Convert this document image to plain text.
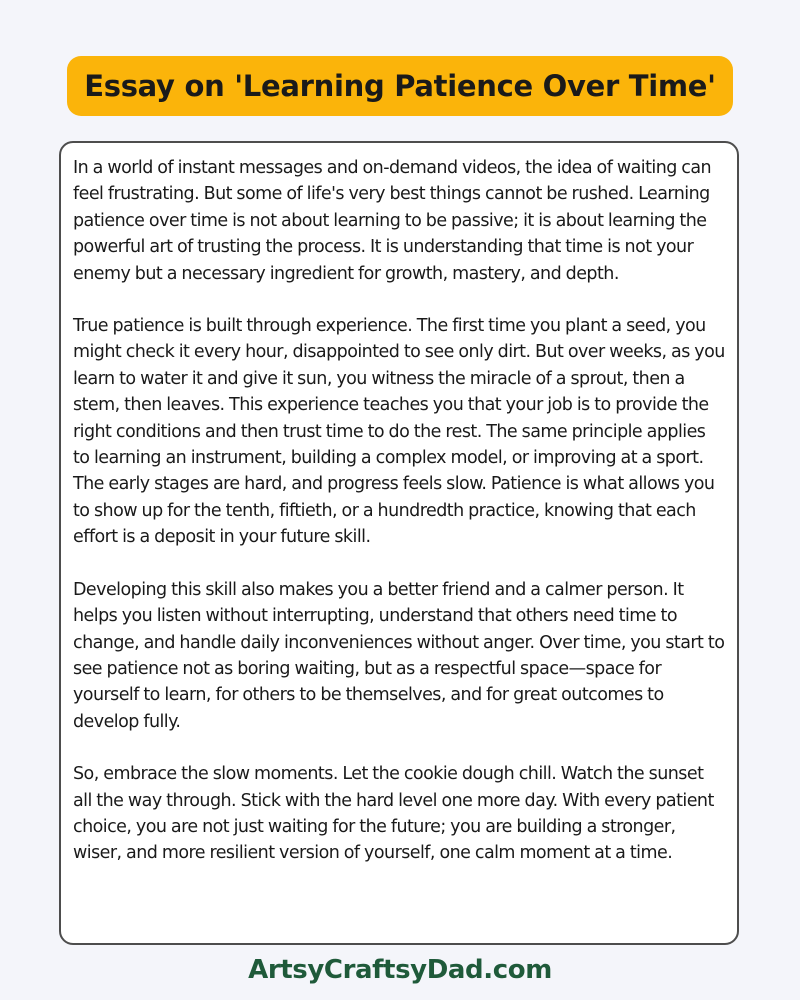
Essay on 'Learning Patience Over Time'

In a world of instant messages and on-demand videos, the idea of waiting can feel frustrating. But some of life's very best things cannot be rushed. Learning patience over time is not about learning to be passive; it is about learning the powerful art of trusting the process. It is understanding that time is not your enemy but a necessary ingredient for growth, mastery, and depth.

True patience is built through experience. The first time you plant a seed, you might check it every hour, disappointed to see only dirt. But over weeks, as you learn to water it and give it sun, you witness the miracle of a sprout, then a stem, then leaves. This experience teaches you that your job is to provide the right conditions and then trust time to do the rest. The same principle applies to learning an instrument, building a complex model, or improving at a sport. The early stages are hard, and progress feels slow. Patience is what allows you to show up for the tenth, fiftieth, or a hundredth practice, knowing that each effort is a deposit in your future skill.

Developing this skill also makes you a better friend and a calmer person. It helps you listen without interrupting, understand that others need time to change, and handle daily inconveniences without anger. Over time, you start to see patience not as boring waiting, but as a respectful space—space for yourself to learn, for others to be themselves, and for great outcomes to develop fully.

So, embrace the slow moments. Let the cookie dough chill. Watch the sunset all the way through. Stick with the hard level one more day. With every patient choice, you are not just waiting for the future; you are building a stronger, wiser, and more resilient version of yourself, one calm moment at a time.

ArtsyCraftsyDad.com
